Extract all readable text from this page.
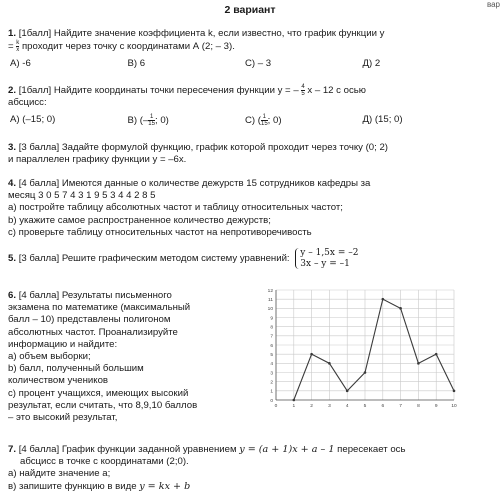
вар
2 вариант
1. [1балл] Найдите значение коэффициента k, если известно, что график функции у
= $\frac{k}{x}$ проходит через точку с координатами А (2; – 3).
А) -6	В) 6	С) – 3	Д) 2
2. [1балл] Найдите координаты точки пересечения функции у = – $\frac{4}{5}$ х – 12 с осью
абсцисс:
А) (–15; 0)	В) (– $\frac{1}{15}$ ; 0)	С) ( $\frac{1}{15}$ ; 0)	Д) (15; 0)
3. [3 балла] Задайте формулой функцию, график которой проходит через точку (0; 2)
и параллелен графику функции у = –6х.
4. [4 балла] Имеются данные о количестве дежурств 15 сотрудников кафедры за
месяц 3 0 5 7 4 3 1 9 5 3 4 4 2 8 5
а) постройте таблицу абсолютных частот и таблицу относительных частот;
b) укажите самое распространенное количество дежурств;
с) проверьте таблицу относительных частот на непротиворечивость
5. [3 балла] Решите графическим методом систему уравнений:
y – 1,5x = –2
3x – y = –1
6. [4 балла] Результаты письменного
экзамена по математике (максимальный
балл – 10) представлены полигоном
абсолютных частот. Проанализируйте
информацию и найдите:
а) объем выборки;
b) балл, полученный большим
количеством учеников
с) процент учащихся, имеющих высокий
результат, если считать, что 8,9,10 баллов
– это высокий результат,
0
1
2
3
4
5
6
7
8
9
10
11
12
0	1	2	3	4	5	6	7	8	9	10
7. [4 балла] График функции заданной уравнением y = (a + 1)x + a – 1 пересекает ось
абсцисс в точке с координатами (2;0).
а) найдите значение a;
в) запишите функцию в виде y = kx + b
